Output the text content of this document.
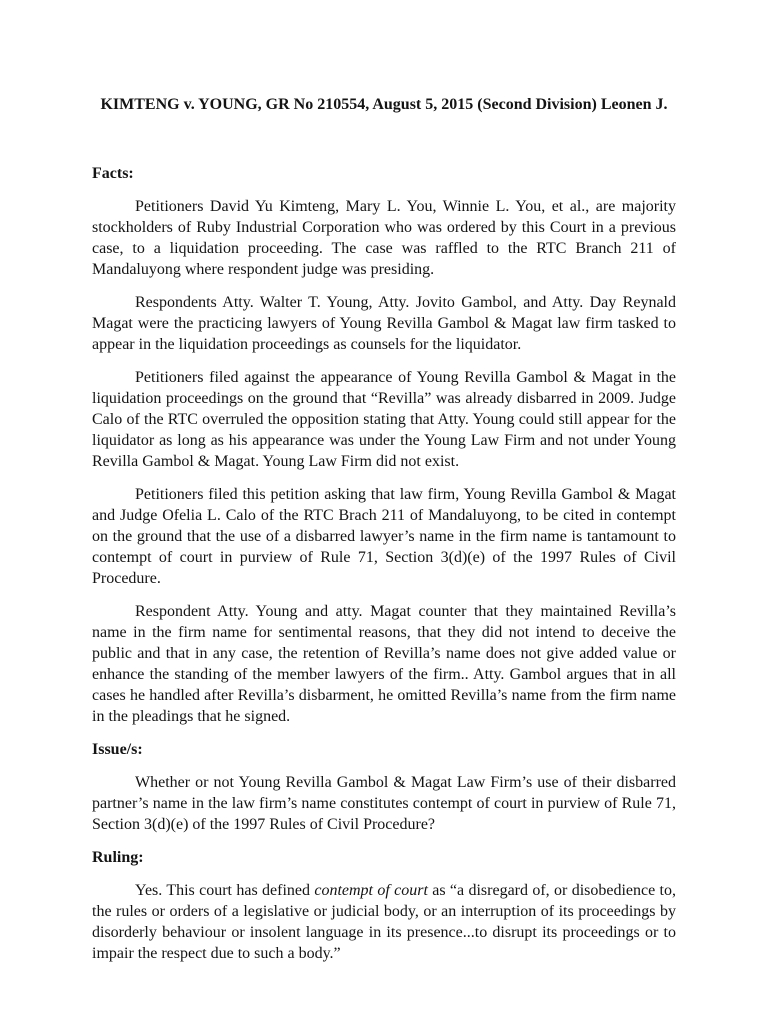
KIMTENG v. YOUNG, GR No 210554, August 5, 2015 (Second Division) Leonen J.
Facts:

Petitioners David Yu Kimteng, Mary L. You, Winnie L. You, et al., are majority stockholders of Ruby Industrial Corporation who was ordered by this Court in a previous case, to a liquidation proceeding. The case was raffled to the RTC Branch 211 of Mandaluyong where respondent judge was presiding.

Respondents Atty. Walter T. Young, Atty. Jovito Gambol, and Atty. Day Reynald Magat were the practicing lawyers of Young Revilla Gambol & Magat law firm tasked to appear in the liquidation proceedings as counsels for the liquidator.

Petitioners filed against the appearance of Young Revilla Gambol & Magat in the liquidation proceedings on the ground that “Revilla” was already disbarred in 2009. Judge Calo of the RTC overruled the opposition stating that Atty. Young could still appear for the liquidator as long as his appearance was under the Young Law Firm and not under Young Revilla Gambol & Magat. Young Law Firm did not exist.

Petitioners filed this petition asking that law firm, Young Revilla Gambol & Magat and Judge Ofelia L. Calo of the RTC Brach 211 of Mandaluyong, to be cited in contempt on the ground that the use of a disbarred lawyer’s name in the firm name is tantamount to contempt of court in purview of Rule 71, Section 3(d)(e) of the 1997 Rules of Civil Procedure.

Respondent Atty. Young and atty. Magat counter that they maintained Revilla’s name in the firm name for sentimental reasons, that they did not intend to deceive the public and that in any case, the retention of Revilla’s name does not give added value or enhance the standing of the member lawyers of the firm.. Atty. Gambol argues that in all cases he handled after Revilla’s disbarment, he omitted Revilla’s name from the firm name in the pleadings that he signed.

Issue/s:

Whether or not Young Revilla Gambol & Magat Law Firm’s use of their disbarred partner’s name in the law firm’s name constitutes contempt of court in purview of Rule 71, Section 3(d)(e) of the 1997 Rules of Civil Procedure?

Ruling:

Yes. This court has defined contempt of court as “a disregard of, or disobedience to, the rules or orders of a legislative or judicial body, or an interruption of its proceedings by disorderly behaviour or insolent language in its presence...to disrupt its proceedings or to impair the respect due to such a body.”
